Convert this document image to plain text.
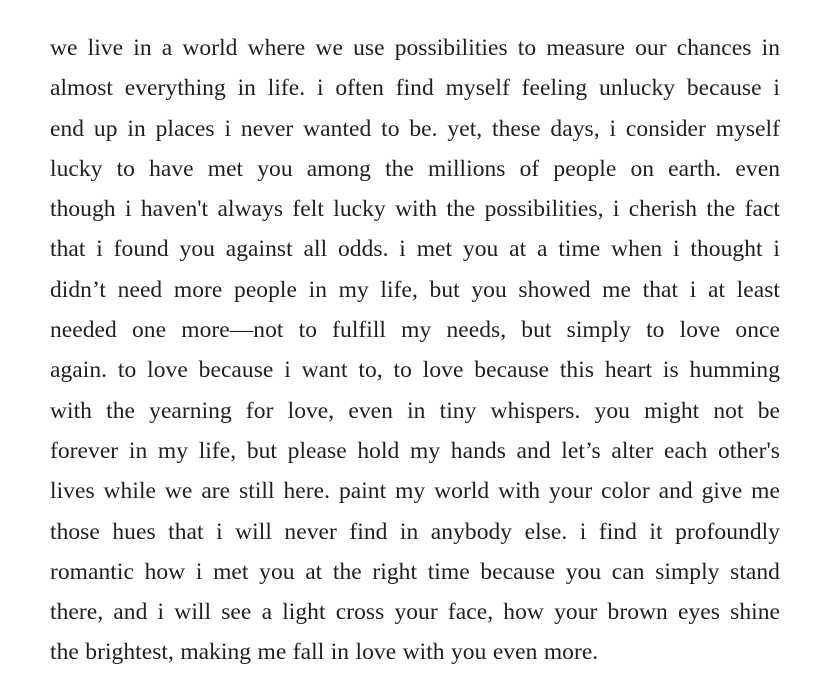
we live in a world where we use possibilities to measure our chances in
almost everything in life. i often find myself feeling unlucky because i
end up in places i never wanted to be. yet, these days, i consider myself
lucky to have met you among the millions of people on earth. even
though i haven't always felt lucky with the possibilities, i cherish the fact
that i found you against all odds. i met you at a time when i thought i
didn’t need more people in my life, but you showed me that i at least
needed one more—not to fulfill my needs, but simply to love once
again. to love because i want to, to love because this heart is humming
with the yearning for love, even in tiny whispers. you might not be
forever in my life, but please hold my hands and let’s alter each other's
lives while we are still here. paint my world with your color and give me
those hues that i will never find in anybody else. i find it profoundly
romantic how i met you at the right time because you can simply stand
there, and i will see a light cross your face, how your brown eyes shine
the brightest, making me fall in love with you even more.
